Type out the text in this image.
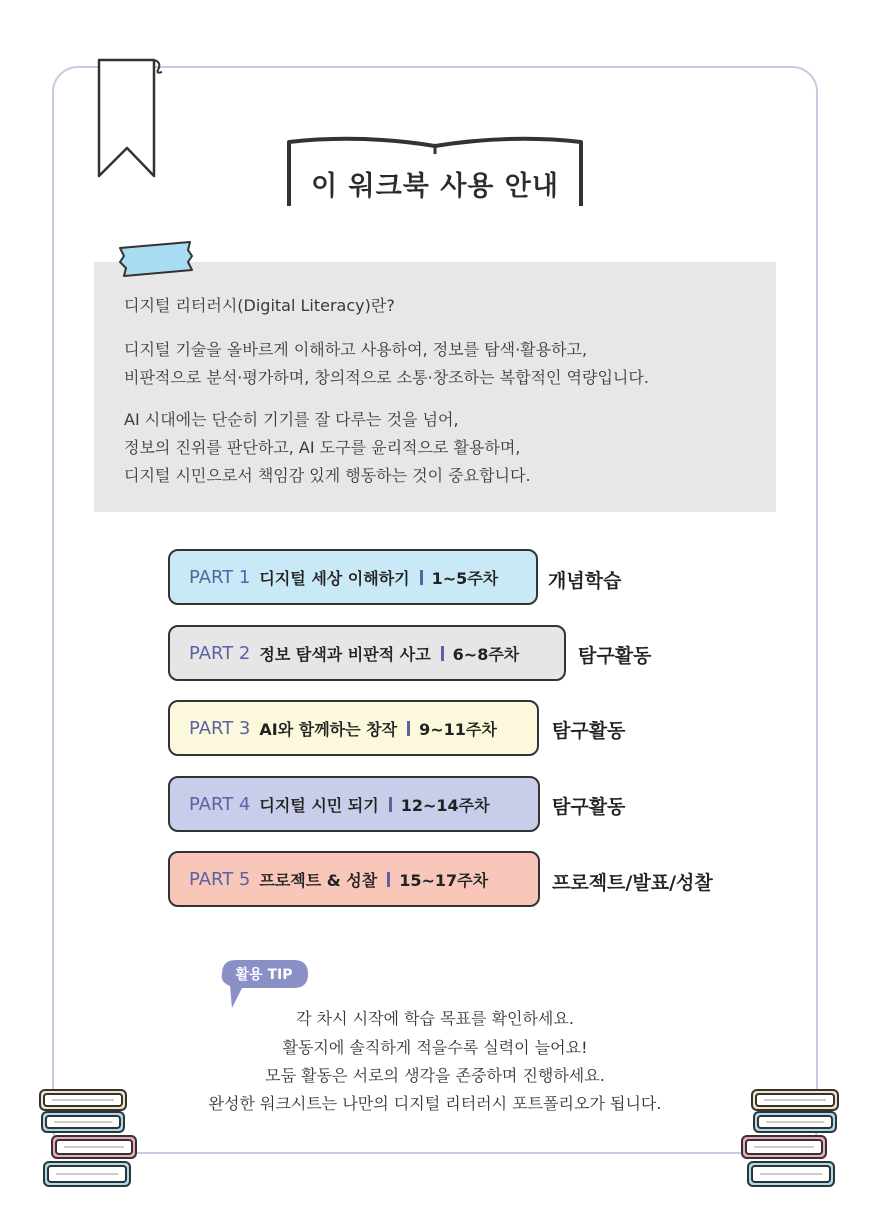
이 워크북 사용 안내

디지털 리터러시(Digital Literacy)란?

디지털 기술을 올바르게 이해하고 사용하여, 정보를 탐색·활용하고,

비판적으로 분석·평가하며, 창의적으로 소통·창조하는 복합적인 역량입니다.

AI 시대에는 단순히 기기를 잘 다루는 것을 넘어,

정보의 진위를 판단하고, AI 도구를 윤리적으로 활용하며,

디지털 시민으로서 책임감 있게 행동하는 것이 중요합니다.

PART 1 디지털 세상 이해하기 1~5주차	개념학습
PART 2 정보 탐색과 비판적 사고 6~8주차	탐구활동
PART 3 AI와 함께하는 창작 9~11주차	탐구활동
PART 4 디지털 시민 되기 12~14주차	탐구활동
PART 5 프로젝트 & 성찰 15~17주차	프로젝트/발표/성찰
활용 TIP
각 차시 시작에 학습 목표를 확인하세요.
활동지에 솔직하게 적을수록 실력이 늘어요!
모둠 활동은 서로의 생각을 존중하며 진행하세요.
완성한 워크시트는 나만의 디지털 리터러시 포트폴리오가 됩니다.
